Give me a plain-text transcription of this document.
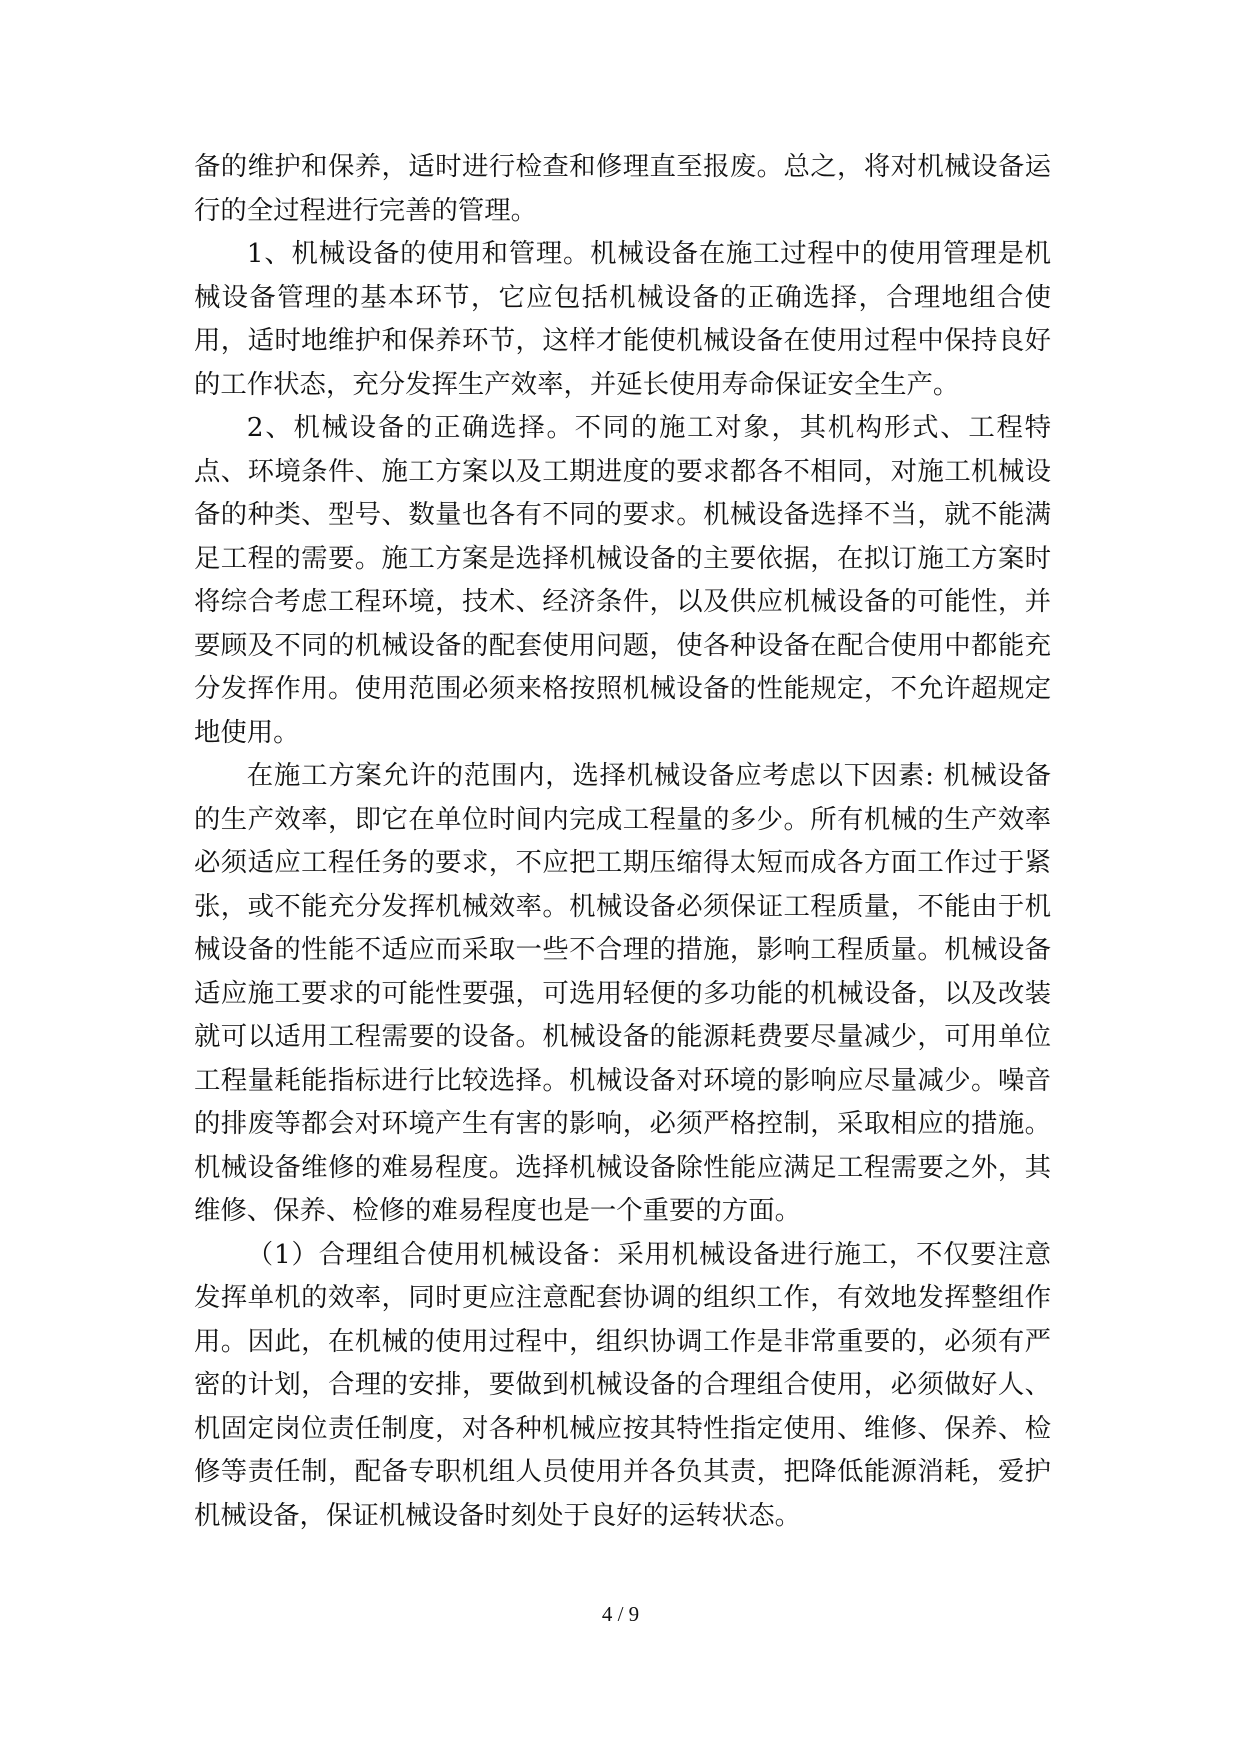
备的维护和保养，适时进行检查和修理直至报废。总之，将对机械设备运行的全过程进行完善的管理。

1、机械设备的使用和管理。机械设备在施工过程中的使用管理是机械设备管理的基本环节，它应包括机械设备的正确选择，合理地组合使用，适时地维护和保养环节，这样才能使机械设备在使用过程中保持良好的工作状态，充分发挥生产效率，并延长使用寿命保证安全生产。

2、机械设备的正确选择。不同的施工对象，其机构形式、工程特点、环境条件、施工方案以及工期进度的要求都各不相同，对施工机械设备的种类、型号、数量也各有不同的要求。机械设备选择不当，就不能满足工程的需要。施工方案是选择机械设备的主要依据，在拟订施工方案时将综合考虑工程环境，技术、经济条件，以及供应机械设备的可能性，并要顾及不同的机械设备的配套使用问题，使各种设备在配合使用中都能充分发挥作用。使用范围必须来格按照机械设备的性能规定，不允许超规定地使用。

在施工方案允许的范围内，选择机械设备应考虑以下因素: 机械设备的生产效率，即它在单位时间内完成工程量的多少。所有机械的生产效率必须适应工程任务的要求，不应把工期压缩得太短而成各方面工作过于紧张，或不能充分发挥机械效率。机械设备必须保证工程质量，不能由于机械设备的性能不适应而采取一些不合理的措施，影响工程质量。机械设备适应施工要求的可能性要强，可选用轻便的多功能的机械设备，以及改装就可以适用工程需要的设备。机械设备的能源耗费要尽量减少，可用单位工程量耗能指标进行比较选择。机械设备对环境的影响应尽量减少。噪音的排废等都会对环境产生有害的影响，必须严格控制，采取相应的措施。机械设备维修的难易程度。选择机械设备除性能应满足工程需要之外，其维修、保养、检修的难易程度也是一个重要的方面。

（1）合理组合使用机械设备：采用机械设备进行施工，不仅要注意发挥单机的效率，同时更应注意配套协调的组织工作，有效地发挥整组作用。因此，在机械的使用过程中，组织协调工作是非常重要的，必须有严密的计划，合理的安排，要做到机械设备的合理组合使用，必须做好人、机固定岗位责任制度，对各种机械应按其特性指定使用、维修、保养、检修等责任制，配备专职机组人员使用并各负其责，把降低能源消耗，爱护机械设备，保证机械设备时刻处于良好的运转状态。

4 / 9
